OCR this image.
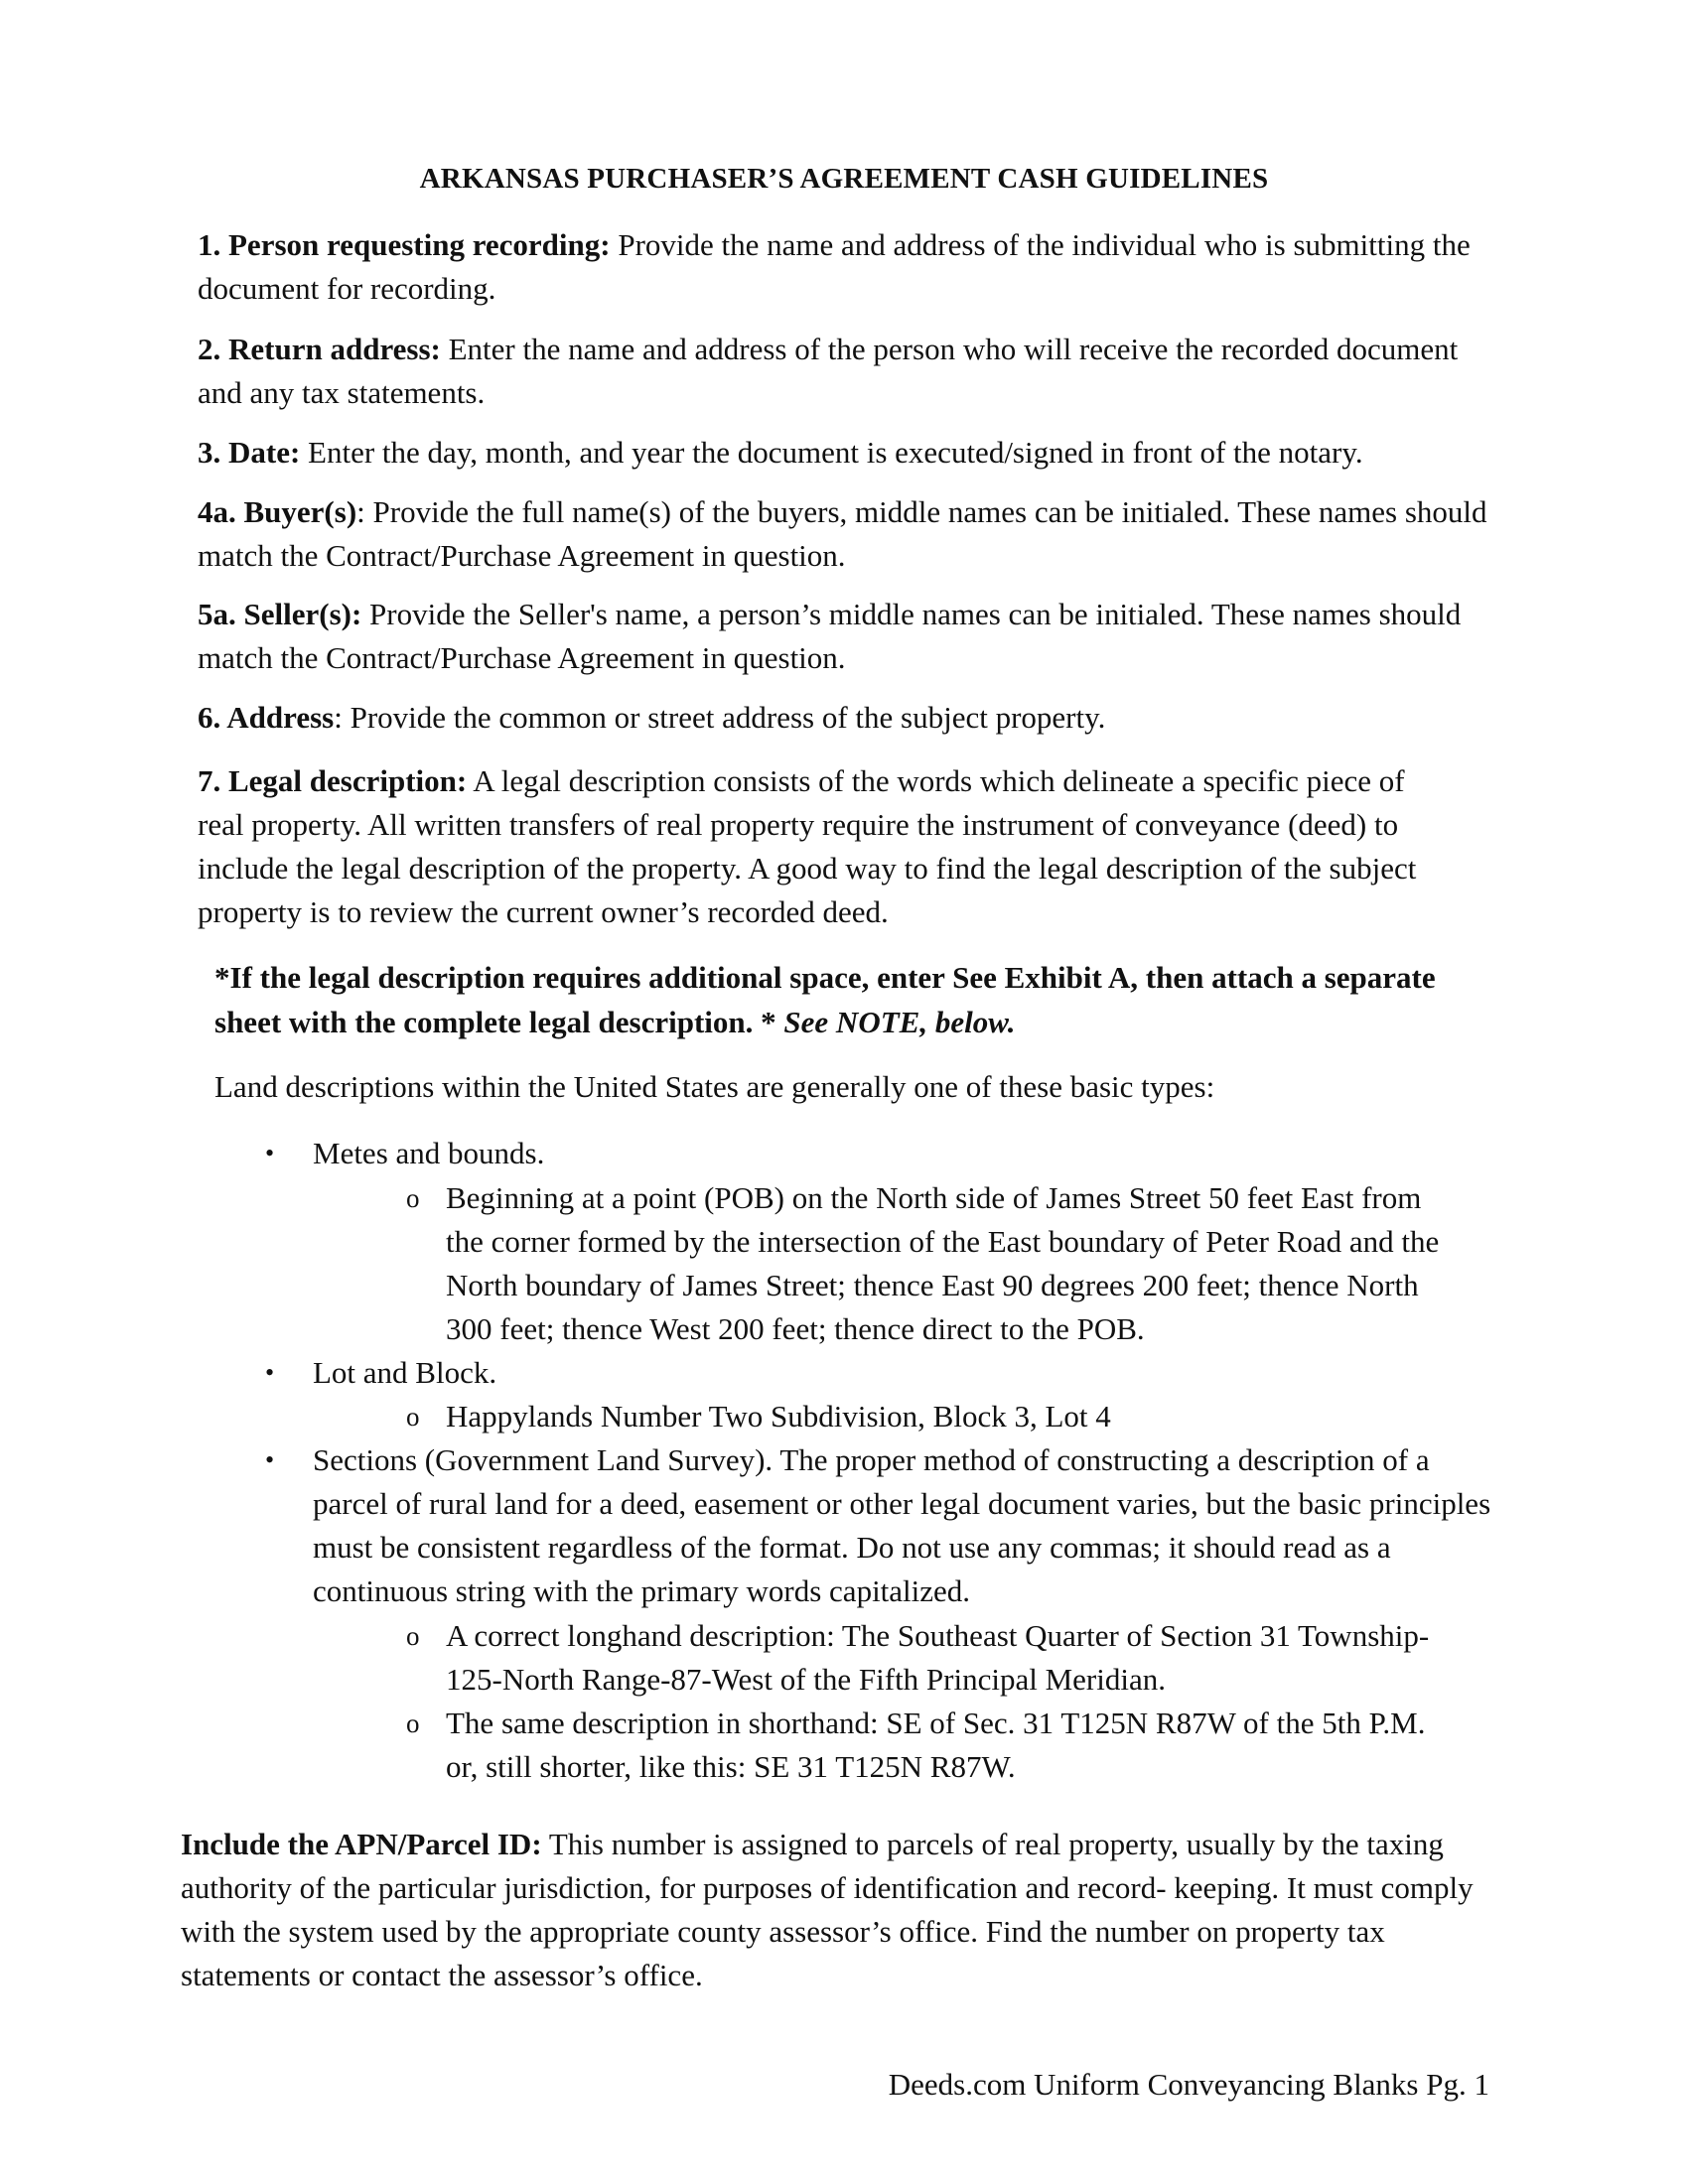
ARKANSAS PURCHASER’S AGREEMENT CASH GUIDELINES
1. Person requesting recording: Provide the name and address of the individual who is submitting the document for recording.
2. Return address: Enter the name and address of the person who will receive the recorded document and any tax statements.
3. Date: Enter the day, month, and year the document is executed/signed in front of the notary.
4a. Buyer(s): Provide the full name(s) of the buyers, middle names can be initialed. These names should match the Contract/Purchase Agreement in question.
5a. Seller(s): Provide the Seller's name, a person’s middle names can be initialed. These names should match the Contract/Purchase Agreement in question.
6. Address: Provide the common or street address of the subject property.
7. Legal description: A legal description consists of the words which delineate a specific piece of real property. All written transfers of real property require the instrument of conveyance (deed) to include the legal description of the property. A good way to find the legal description of the subject property is to review the current owner’s recorded deed.
*If the legal description requires additional space, enter See Exhibit A, then attach a separate sheet with the complete legal description. * See NOTE, below.
Land descriptions within the United States are generally one of these basic types:
• Metes and bounds.
o Beginning at a point (POB) on the North side of James Street 50 feet East from the corner formed by the intersection of the East boundary of Peter Road and the North boundary of James Street; thence East 90 degrees 200 feet; thence North 300 feet; thence West 200 feet; thence direct to the POB.
• Lot and Block.
o Happylands Number Two Subdivision, Block 3, Lot 4
• Sections (Government Land Survey). The proper method of constructing a description of a parcel of rural land for a deed, easement or other legal document varies, but the basic principles must be consistent regardless of the format. Do not use any commas; it should read as a continuous string with the primary words capitalized.
o A correct longhand description: The Southeast Quarter of Section 31 Township-125-North Range-87-West of the Fifth Principal Meridian.
o The same description in shorthand: SE of Sec. 31 T125N R87W of the 5th P.M. or, still shorter, like this: SE 31 T125N R87W.
Include the APN/Parcel ID: This number is assigned to parcels of real property, usually by the taxing authority of the particular jurisdiction, for purposes of identification and record- keeping. It must comply with the system used by the appropriate county assessor’s office. Find the number on property tax statements or contact the assessor’s office.
Deeds.com Uniform Conveyancing Blanks Pg. 1
